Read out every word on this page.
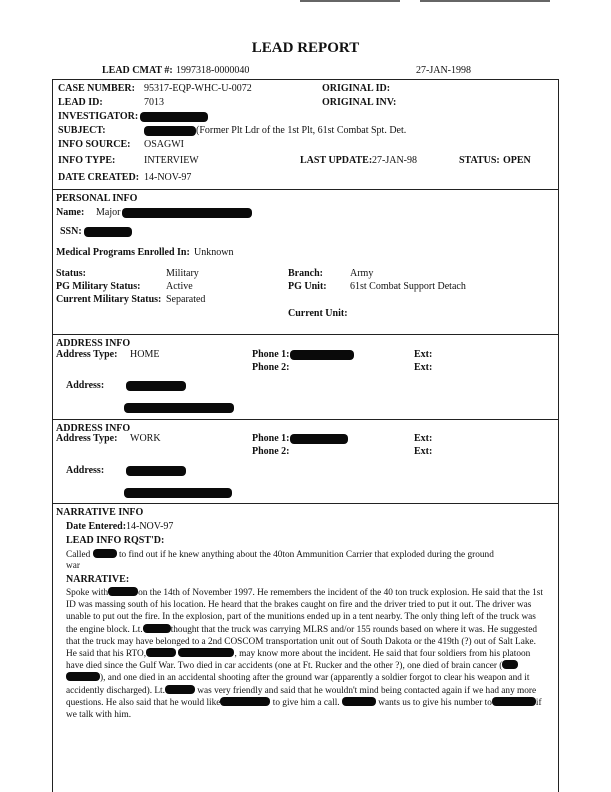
LEAD REPORT
LEAD CMAT #: 1997318-0000040	27-JAN-1998
CASE NUMBER: 95317-EQP-WHC-U-0072	ORIGINAL ID:
LEAD ID:	7013	ORIGINAL INV:
INVESTIGATOR:
SUBJECT:	(Former Plt Ldr of the 1st Plt, 61st Combat Spt. Det.
INFO SOURCE: OSAGWI
INFO TYPE:	INTERVIEW	LAST UPDATE: 27-JAN-98	STATUS: OPEN
DATE CREATED: 14-NOV-97
PERSONAL INFO
Name: Major
SSN:
Medical Programs Enrolled In: Unknown
Status:	Military	Branch:	Army
PG Military Status:	Active	PG Unit: 61st Combat Support Detach
Current Military Status: Separated
Current Unit:
ADDRESS INFO
Address Type: HOME	Phone 1:	Ext:
Phone 2:	Ext:
Address:
ADDRESS INFO
Address Type: WORK	Phone 1:	Ext:
Phone 2:	Ext:
Address:
NARRATIVE INFO
Date Entered: 14-NOV-97
LEAD INFO RQST'D:
Called	to find out if he knew anything about the 40ton Ammunition Carrier that exploded during the ground
war
NARRATIVE:
Spoke with	on the 14th of November 1997. He remembers the incident of the 40 ton truck explosion. He said that the 1st ID was massing south of his location. He heard that the brakes caught on fire and the driver tried to put it out. The driver was unable to put out the fire. In the explosion, part of the munitions ended up in a tent nearby. The only thing left of the truck was the engine block. Lt.	thought that the truck was carrying MLRS and/or 155 rounds based on where it was. He suggested that the truck may have belonged to a 2nd COSCOM transportation unit out of South Dakota or the 419th (?) out of Salt Lake. He said that his RTO,	, may know more about the incident. He said that four soldiers from his platoon have died since the Gulf War. Two died in car accidents (one at Ft. Rucker and the other ?), one died of brain cancer ( ), and one died in an accidental shooting after the ground war (apparently a soldier forgot to clear his weapon and it accidently discharged). Lt.	was very friendly and said that he wouldn't mind being contacted again if we had any more questions. He also said that he would like	to give him a call.	wants us to give his number to	if we talk with him.
